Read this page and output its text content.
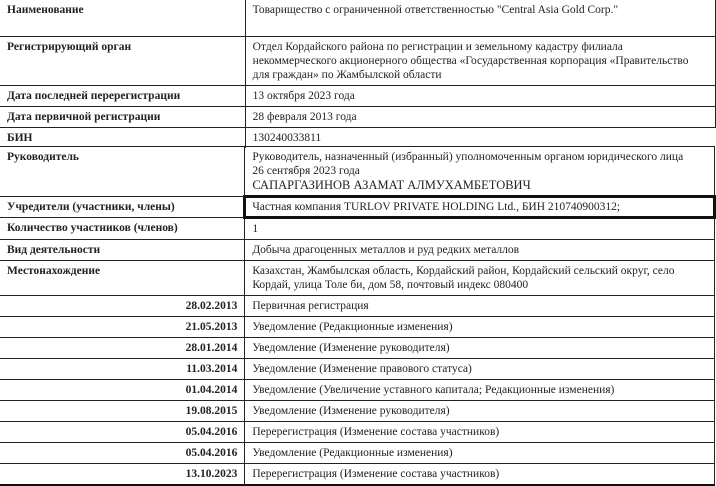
Наименование	Товарищество с ограниченной ответственностью "Central Asia Gold Corp."
Регистрирующий орган	Отдел Кордайского района по регистрации и земельному кадастру филиала некоммерческого акционерного общества «Государственная корпорация «Правительство для граждан» по Жамбылской области
Дата последней перерегистрации	13 октября 2023 года
Дата первичной регистрации	28 февраля 2013 года
БИН	130240033811
Руководитель	Руководитель, назначенный (избранный) уполномоченным органом юридического лица
26 сентября 2023 года
САПАРГАЗИНОВ АЗАМАТ АЛМУХАМБЕТОВИЧ

Учредители (участники, члены)	Частная компания TURLOV PRIVATE HOLDING Ltd., БИН 210740900312;
Количество участников (членов)	1
Вид деятельности	Добыча драгоценных металлов и руд редких металлов
Местонахождение	Казахстан, Жамбылская область, Кордайский район, Кордайский сельский округ, село Кордай, улица Толе би, дом 58, почтовый индекс 080400
28.02.2013	Первичная регистрация
21.05.2013	Уведомление (Редакционные изменения)
28.01.2014	Уведомление (Изменение руководителя)
11.03.2014	Уведомление (Изменение правового статуса)
01.04.2014	Уведомление (Увеличение уставного капитала; Редакционные изменения)
19.08.2015	Уведомление (Изменение руководителя)
05.04.2016	Перерегистрация (Изменение состава участников)
05.04.2016	Уведомление (Редакционные изменения)
13.10.2023	Перерегистрация (Изменение состава участников)
